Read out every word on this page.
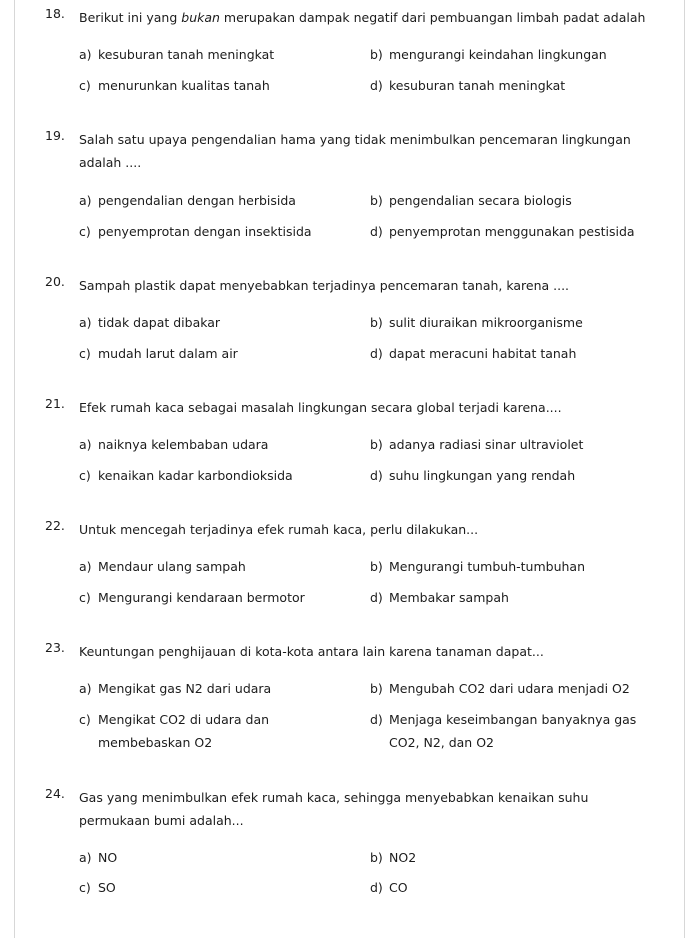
18. Berikut ini yang bukan merupakan dampak negatif dari pembuangan limbah padat adalah
a) kesuburan tanah meningkat	b) mengurangi keindahan lingkungan
c) menurunkan kualitas tanah	d) kesuburan tanah meningkat
19. Salah satu upaya pengendalian hama yang tidak menimbulkan pencemaran lingkungan adalah ....
a) pengendalian dengan herbisida	b) pengendalian secara biologis
c) penyemprotan dengan insektisida	d) penyemprotan menggunakan pestisida
20. Sampah plastik dapat menyebabkan terjadinya pencemaran tanah, karena ....
a) tidak dapat dibakar	b) sulit diuraikan mikroorganisme
c) mudah larut dalam air	d) dapat meracuni habitat tanah
21. Efek rumah kaca sebagai masalah lingkungan secara global terjadi karena....
a) naiknya kelembaban udara	b) adanya radiasi sinar ultraviolet
c) kenaikan kadar karbondioksida	d) suhu lingkungan yang rendah
22. Untuk mencegah terjadinya efek rumah kaca, perlu dilakukan...
a) Mendaur ulang sampah	b) Mengurangi tumbuh-tumbuhan
c) Mengurangi kendaraan bermotor	d) Membakar sampah
23. Keuntungan penghijauan di kota-kota antara lain karena tanaman dapat...
a) Mengikat gas N2 dari udara	b) Mengubah CO2 dari udara menjadi O2
c) Mengikat CO2 di udara dan membebaskan O2
d) Menjaga keseimbangan banyaknya gas CO2, N2, dan O2
24. Gas yang menimbulkan efek rumah kaca, sehingga menyebabkan kenaikan suhu permukaan bumi adalah...
a) NO	b) NO2
c) SO	d) CO
